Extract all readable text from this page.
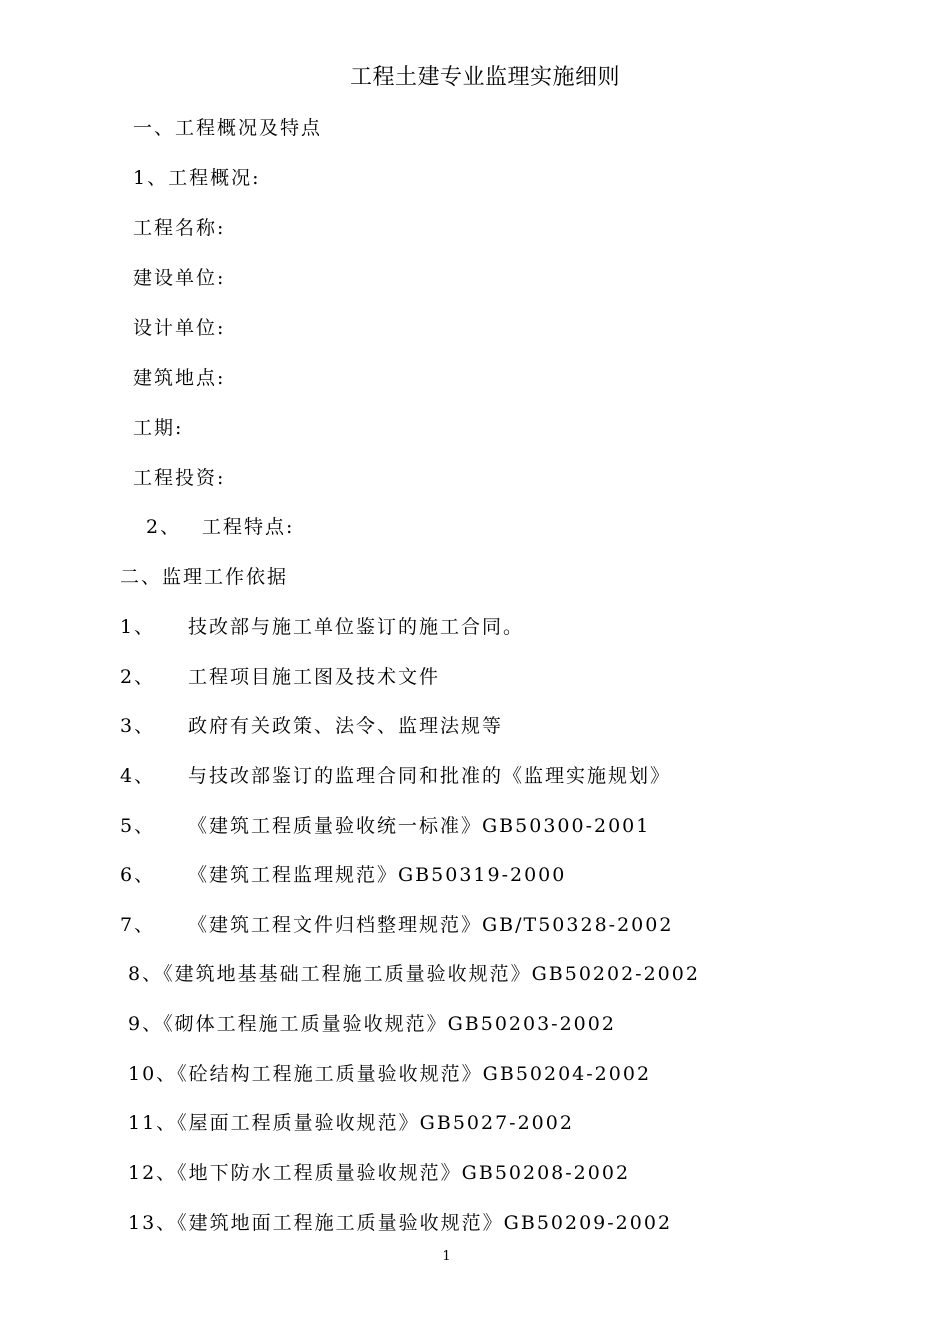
工程土建专业监理实施细则
一、工程概况及特点
1、工程概况:
工程名称:
建设单位:
设计单位:
建筑地点:
工期:
工程投资:
2、 工程特点:
二、监理工作依据
1、 技改部与施工单位鉴订的施工合同。
2、 工程项目施工图及技术文件
3、 政府有关政策、法令、监理法规等
4、 与技改部鉴订的监理合同和批准的《监理实施规划》
5、 《建筑工程质量验收统一标准》GB50300-2001
6、 《建筑工程监理规范》GB50319-2000
7、 《建筑工程文件归档整理规范》GB/T50328-2002
8、《建筑地基基础工程施工质量验收规范》GB50202-2002
9、《砌体工程施工质量验收规范》GB50203-2002
10、《砼结构工程施工质量验收规范》GB50204-2002
11、《屋面工程质量验收规范》GB5027-2002
12、《地下防水工程质量验收规范》GB50208-2002
13、《建筑地面工程施工质量验收规范》GB50209-2002
1
